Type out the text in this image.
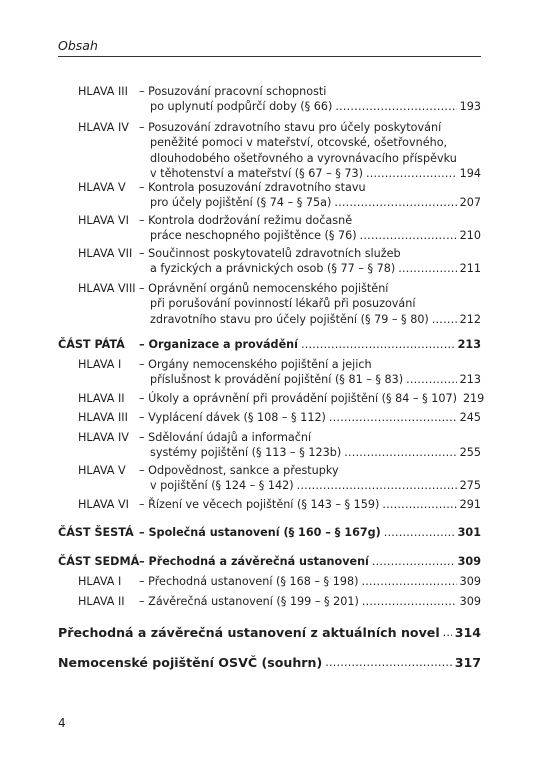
Obsah
HLAVA III – Posuzování pracovní schopnosti
po uplynutí podpůrčí doby (§ 66) .....	193
HLAVA IV – Posuzování zdravotního stavu pro účely poskytování
peněžité pomoci v mateřství, otcovské, ošetřovného,
dlouhodobého ošetřovného a vyrovnávacího příspěvku
v těhotenství a mateřství (§ 67 – § 73) .....	194
HLAVA V – Kontrola posuzování zdravotního stavu
pro účely pojištění (§ 74 – § 75a) .....	207
HLAVA VI – Kontrola dodržování režimu dočasně
práce neschopného pojištěnce (§ 76) .....	210
HLAVA VII – Součinnost poskytovatelů zdravotních služeb
a fyzických a právnických osob (§ 77 – § 78) .....	211
HLAVA VIII – Oprávnění orgánů nemocenského pojištění
při porušování povinností lékařů při posuzování
zdravotního stavu pro účely pojištění (§ 79 – § 80) .....	212
ČÁST PÁTÁ – Organizace a provádění .....	213
HLAVA I – Orgány nemocenského pojištění a jejich
příslušnost k provádění pojištění (§ 81 – § 83) .....	213
HLAVA II – Úkoly a oprávnění při provádění pojištění (§ 84 – § 107) 219
HLAVA III – Vyplácení dávek (§ 108 – § 112) .....	245
HLAVA IV – Sdělování údajů a informační
systémy pojištění (§ 113 – § 123b) .....	255
HLAVA V – Odpovědnost, sankce a přestupky
v pojištění (§ 124 – § 142) .....	275
HLAVA VI – Řízení ve věcech pojištění (§ 143 – § 159) .....	291
ČÁST ŠESTÁ – Společná ustanovení (§ 160 – § 167g) .....	301
ČÁST SEDMÁ – Přechodná a závěrečná ustanovení .....	309
HLAVA I – Přechodná ustanovení (§ 168 – § 198) .....	309
HLAVA II – Závěrečná ustanovení (§ 199 – § 201) .....	309
Přechodná a závěrečná ustanovení z aktuálních novel ..... 314
Nemocenské pojištění OSVČ (souhrn) .....	317
4
